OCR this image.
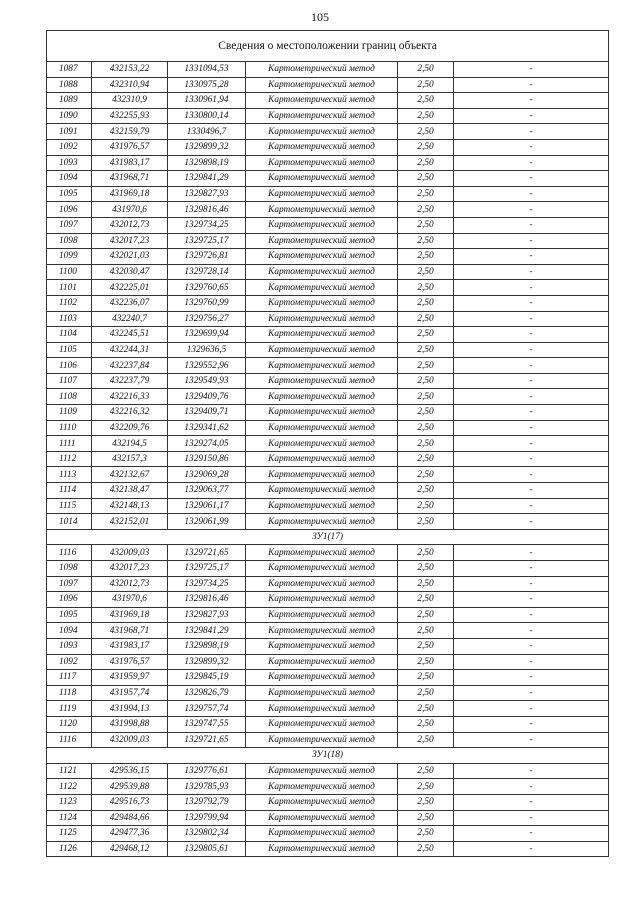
105
Сведения о местоположении границ объекта					
1087	432153,22	1331094,53	Картометрический метод	2,50	-
1088	432310,94	1330975,28	Картометрический метод	2,50	-
1089	432310,9	1330961,94	Картометрический метод	2,50	-
1090	432255,93	1330800,14	Картометрический метод	2,50	-
1091	432159,79	1330496,7	Картометрический метод	2,50	-
1092	431976,57	1329899,32	Картометрический метод	2,50	-
1093	431983,17	1329898,19	Картометрический метод	2,50	-
1094	431968,71	1329841,29	Картометрический метод	2,50	-
1095	431969,18	1329827,93	Картометрический метод	2,50	-
1096	431970,6	1329816,46	Картометрический метод	2,50	-
1097	432012,73	1329734,25	Картометрический метод	2,50	-
1098	432017,23	1329725,17	Картометрический метод	2,50	-
1099	432021,03	1329726,81	Картометрический метод	2,50	-
1100	432030,47	1329728,14	Картометрический метод	2,50	-
1101	432225,01	1329760,65	Картометрический метод	2,50	-
1102	432236,07	1329760,99	Картометрический метод	2,50	-
1103	432240,7	1329756,27	Картометрический метод	2,50	-
1104	432245,51	1329699,94	Картометрический метод	2,50	-
1105	432244,31	1329636,5	Картометрический метод	2,50	-
1106	432237,84	1329552,96	Картометрический метод	2,50	-
1107	432237,79	1329549,93	Картометрический метод	2,50	-
1108	432216,33	1329409,76	Картометрический метод	2,50	-
1109	432216,32	1329409,71	Картометрический метод	2,50	-
1110	432209,76	1329341,62	Картометрический метод	2,50	-
1111	432194,5	1329274,05	Картометрический метод	2,50	-
1112	432157,3	1329150,86	Картометрический метод	2,50	-
1113	432132,67	1329069,28	Картометрический метод	2,50	-
1114	432138,47	1329063,77	Картометрический метод	2,50	-
1115	432148,13	1329061,17	Картометрический метод	2,50	-
1014	432152,01	1329061,99	Картометрический метод	2,50	-
ЗУ1(17)					
1116	432009,03	1329721,65	Картометрический метод	2,50	-
1098	432017,23	1329725,17	Картометрический метод	2,50	-
1097	432012,73	1329734,25	Картометрический метод	2,50	-
1096	431970,6	1329816,46	Картометрический метод	2,50	-
1095	431969,18	1329827,93	Картометрический метод	2,50	-
1094	431968,71	1329841,29	Картометрический метод	2,50	-
1093	431983,17	1329898,19	Картометрический метод	2,50	-
1092	431976,57	1329899,32	Картометрический метод	2,50	-
1117	431959,97	1329845,19	Картометрический метод	2,50	-
1118	431957,74	1329826,79	Картометрический метод	2,50	-
1119	431994,13	1329757,74	Картометрический метод	2,50	-
1120	431998,88	1329747,55	Картометрический метод	2,50	-
1116	432009,03	1329721,65	Картометрический метод	2,50	-
ЗУ1(18)					
1121	429536,15	1329776,61	Картометрический метод	2,50	-
1122	429539,88	1329785,93	Картометрический метод	2,50	-
1123	429516,73	1329792,79	Картометрический метод	2,50	-
1124	429484,66	1329799,94	Картометрический метод	2,50	-
1125	429477,36	1329802,34	Картометрический метод	2,50	-
1126	429468,12	1329805,61	Картометрический метод	2,50	-
